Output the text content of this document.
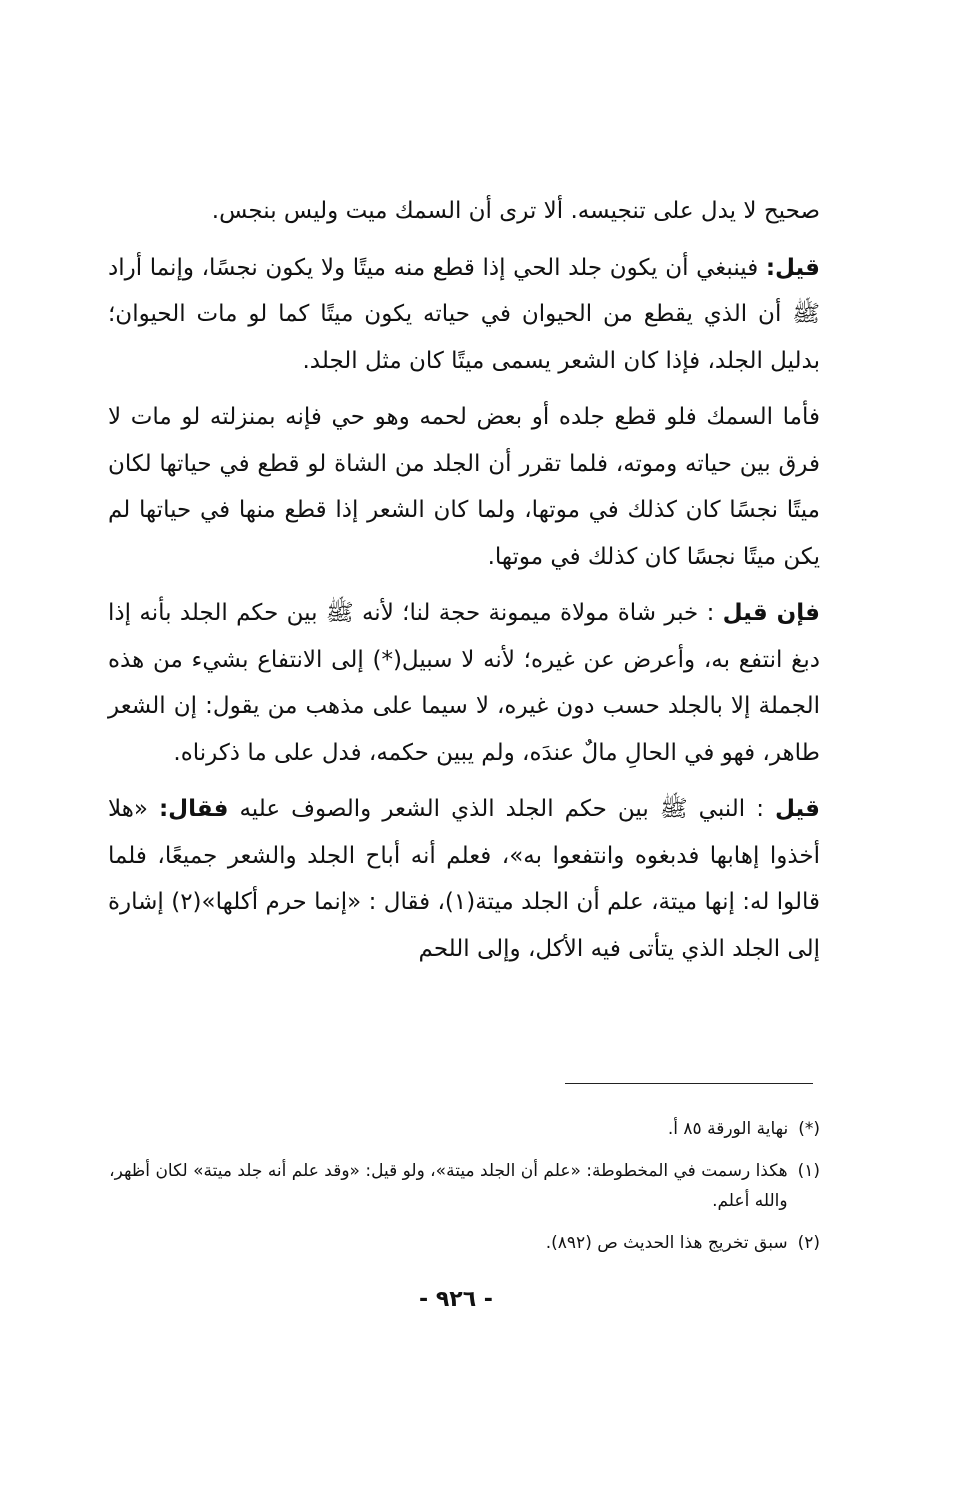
صحيح لا يدل على تنجيسه. ألا ترى أن السمك ميت وليس بنجس.

قيل: فينبغي أن يكون جلد الحي إذا قطع منه ميتًا ولا يكون نجسًا، وإنما أراد ﷺ أن الذي يقطع من الحيوان في حياته يكون ميتًا كما لو مات الحيوان؛ بدليل الجلد، فإذا كان الشعر يسمى ميتًا كان مثل الجلد.

فأما السمك فلو قطع جلده أو بعض لحمه وهو حي فإنه بمنزلته لو مات لا فرق بين حياته وموته، فلما تقرر أن الجلد من الشاة لو قطع في حياتها لكان ميتًا نجسًا كان كذلك في موتها، ولما كان الشعر إذا قطع منها في حياتها لم يكن ميتًا نجسًا كان كذلك في موتها.

فإن قيل : خبر شاة مولاة ميمونة حجة لنا؛ لأنه ﷺ بين حكم الجلد بأنه إذا دبغ انتفع به، وأعرض عن غيره؛ لأنه لا سبيل(*) إلى الانتفاع بشيء من هذه الجملة إلا بالجلد حسب دون غيره، لا سيما على مذهب من يقول: إن الشعر طاهر، فهو في الحالِ مالٌ عندَه، ولم يبين حكمه، فدل على ما ذكرناه.

قيل : النبي ﷺ بين حكم الجلد الذي الشعر والصوف عليه فقال: «هلا أخذوا إهابها فدبغوه وانتفعوا به»، فعلم أنه أباح الجلد والشعر جميعًا، فلما قالوا له: إنها ميتة، علم أن الجلد ميتة(١)، فقال : «إنما حرم أكلها»(٢) إشارة إلى الجلد الذي يتأتى فيه الأكل، وإلى اللحم

(*)
نهاية الورقة ٨٥ أ.
(١)
هكذا رسمت في المخطوطة: «علم أن الجلد ميتة»، ولو قيل: «وقد علم أنه جلد ميتة» لكان أظهر، والله أعلم.
(٢)
سبق تخريج هذا الحديث ص (٨٩٢).
- ٩٢٦ -
